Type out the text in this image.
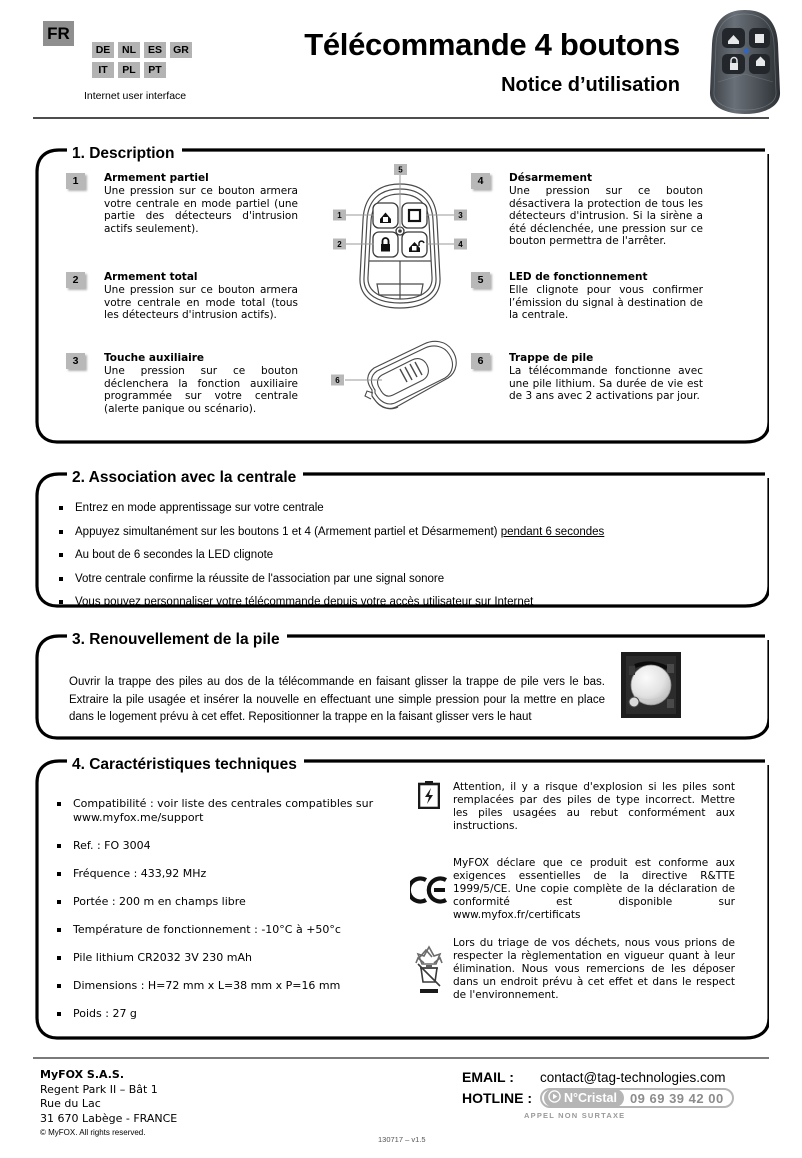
FR
DE	NL	ES	GR
IT	PL	PT
Internet user interface
Télécommande 4 boutons
Notice d’utilisation
1. Description
1	Armement partiel
Une pression sur ce bouton armera votre centrale en mode partiel (une partie des détecteurs d'intrusion actifs seulement).
2	Armement total
Une pression sur ce bouton armera votre centrale en mode total (tous les détecteurs d'intrusion actifs).
3	Touche auxiliaire
Une pression sur ce bouton déclenchera la fonction auxiliaire programmée sur votre centrale (alerte panique ou scénario).
4	Désarmement
Une pression sur ce bouton désactivera la protection de tous les détecteurs d'intrusion. Si la sirène a été déclenchée, une pression sur ce bouton permettra de l'arrêter.
5	LED de fonctionnement
Elle clignote pour vous confirmer l’émission du signal à destination de la centrale.
6	Trappe de pile
La télécommande fonctionne avec une pile lithium. Sa durée de vie est de 3 ans avec 2 activations par jour.
5
1
2
3
4
6
2. Association avec la centrale
Entrez en mode apprentissage sur votre centrale
Appuyez simultanément sur les boutons 1 et 4 (Armement partiel et Désarmement) pendant 6 secondes
Au bout de 6 secondes la LED clignote
Votre centrale confirme la réussite de l'association par une signal sonore
Vous pouvez personnaliser votre télécommande depuis votre accès utilisateur sur Internet
3. Renouvellement de la pile
Ouvrir la trappe des piles au dos de la télécommande en faisant glisser la trappe de pile vers le bas. Extraire la pile usagée et insérer la nouvelle en effectuant une simple pression pour la mettre en place dans le logement prévu à cet effet. Repositionner la trappe en la faisant glisser vers le haut
4. Caractéristiques techniques
Compatibilité : voir liste des centrales compatibles sur www.myfox.me/support
Ref. : FO 3004
Fréquence : 433,92 MHz
Portée : 200 m en champs libre
Température de fonctionnement : -10°C à +50°c
Pile lithium CR2032 3V 230 mAh
Dimensions : H=72 mm x L=38 mm x P=16 mm
Poids : 27 g
Attention, il y a risque d'explosion si les piles sont remplacées par des piles de type incorrect. Mettre les piles usagées au rebut conformément aux instructions.
MyFOX déclare que ce produit est conforme aux exigences essentielles de la directive R&TTE 1999/5/CE. Une copie complète de la déclaration de conformité est disponible sur www.myfox.fr/certificats
Lors du triage de vos déchets, nous vous prions de respecter la règlementation en vigueur quant à leur élimination. Nous vous remercions de les déposer dans un endroit prévu à cet effet et dans le respect de l'environnement.
MyFOX S.A.S.
Regent Park II – Bât 1
Rue du Lac
31 670 Labège - FRANCE
© MyFOX. All rights reserved.
130717 – v1.5
EMAIL :	contact@tag-technologies.com
HOTLINE :	N°Cristal 09 69 39 42 00
APPEL NON SURTAXE
